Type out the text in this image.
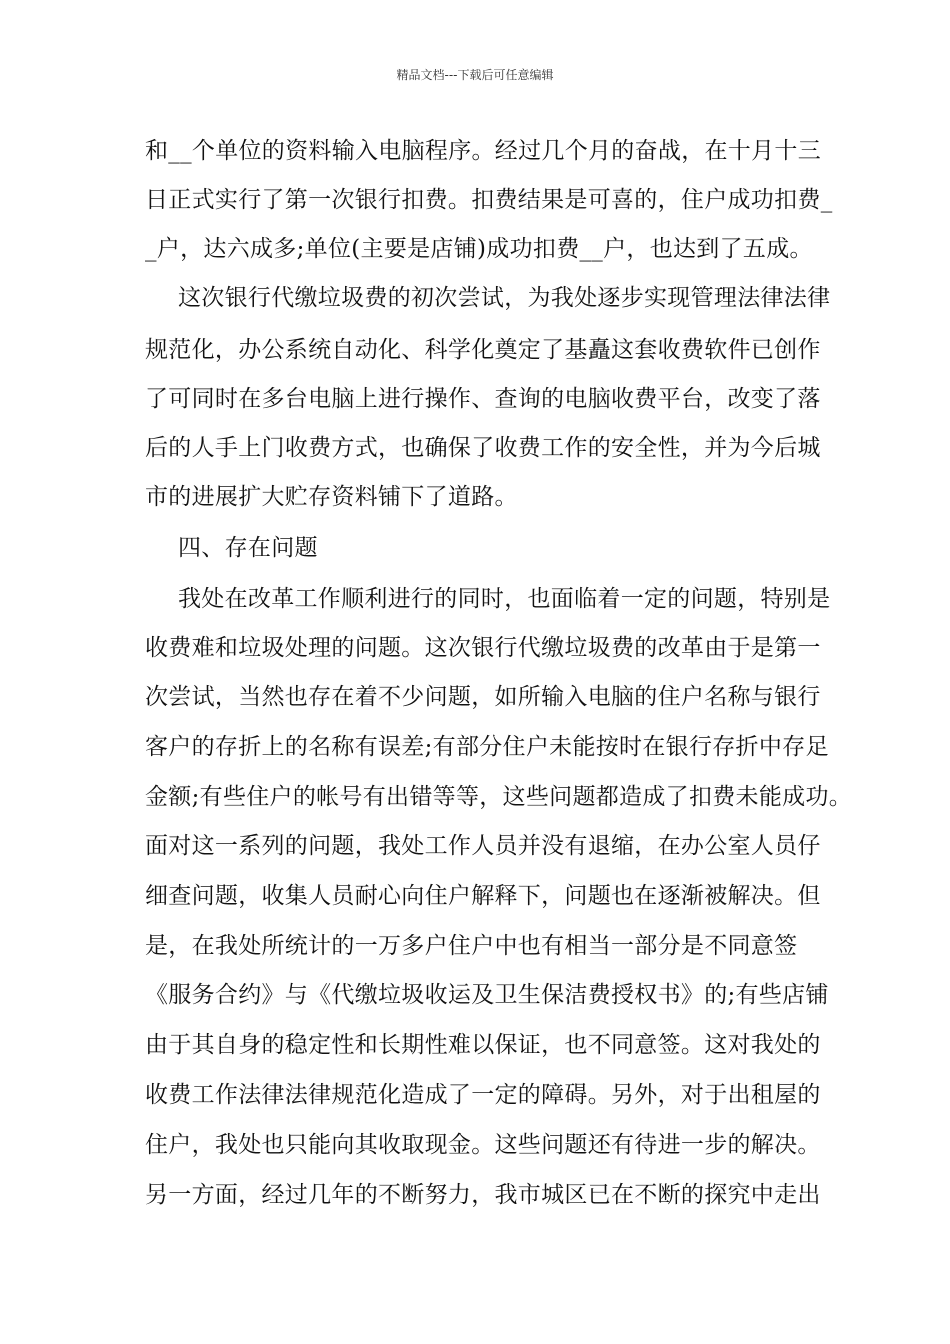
精品文档---下载后可任意编辑
和__个单位的资料输入电脑程序。经过几个月的奋战，在十月十三
日正式实行了第一次银行扣费。扣费结果是可喜的，住户成功扣费_
_户，达六成多;单位(主要是店铺)成功扣费__户，也达到了五成。
这次银行代缴垃圾费的初次尝试，为我处逐步实现管理法律法律
规范化，办公系统自动化、科学化奠定了基矗这套收费软件已创作
了可同时在多台电脑上进行操作、查询的电脑收费平台，改变了落
后的人手上门收费方式，也确保了收费工作的安全性，并为今后城
市的进展扩大贮存资料铺下了道路。
四、存在问题
我处在改革工作顺利进行的同时，也面临着一定的问题，特别是
收费难和垃圾处理的问题。这次银行代缴垃圾费的改革由于是第一
次尝试，当然也存在着不少问题，如所输入电脑的住户名称与银行
客户的存折上的名称有误差;有部分住户未能按时在银行存折中存足
金额;有些住户的帐号有出错等等，这些问题都造成了扣费未能成功。
面对这一系列的问题，我处工作人员并没有退缩，在办公室人员仔
细查问题，收集人员耐心向住户解释下，问题也在逐渐被解决。但
是，在我处所统计的一万多户住户中也有相当一部分是不同意签
《服务合约》与《代缴垃圾收运及卫生保洁费授权书》的;有些店铺
由于其自身的稳定性和长期性难以保证，也不同意签。这对我处的
收费工作法律法律规范化造成了一定的障碍。另外，对于出租屋的
住户，我处也只能向其收取现金。这些问题还有待进一步的解决。
另一方面，经过几年的不断努力，我市城区已在不断的探究中走出
